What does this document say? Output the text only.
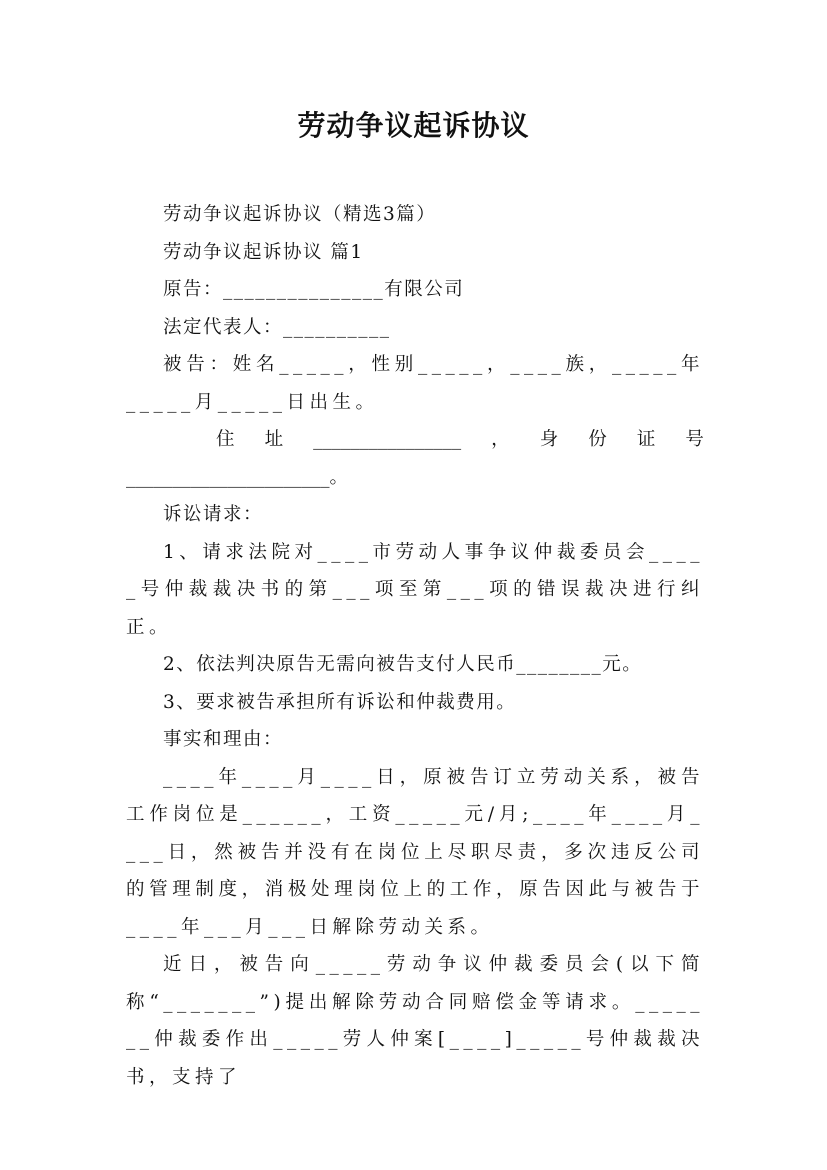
劳动争议起诉协议

劳动争议起诉协议（精选3篇）

劳动争议起诉协议 篇1

原告：_______________有限公司

法定代表人：__________

被告：姓名_____，性别_____，____族，_____年_____月_____日出生。

住 址 ________________ ， 身 份 证 号
______________________。

诉讼请求：

1、请求法院对____市劳动人事争议仲裁委员会_____号仲裁裁决书的第___项至第___项的错误裁决进行纠正。

2、依法判决原告无需向被告支付人民币________元。

3、要求被告承担所有诉讼和仲裁费用。

事实和理由：

____年____月____日，原被告订立劳动关系，被告工作岗位是______，工资_____元/月;____年____月____日，然被告并没有在岗位上尽职尽责，多次违反公司的管理制度，消极处理岗位上的工作，原告因此与被告于____年___月___日解除劳动关系。

近日，被告向_____劳动争议仲裁委员会(以下简称“_______”)提出解除劳动合同赔偿金等请求。_______仲裁委作出_____劳人仲案[____]_____号仲裁裁决书，支持了
